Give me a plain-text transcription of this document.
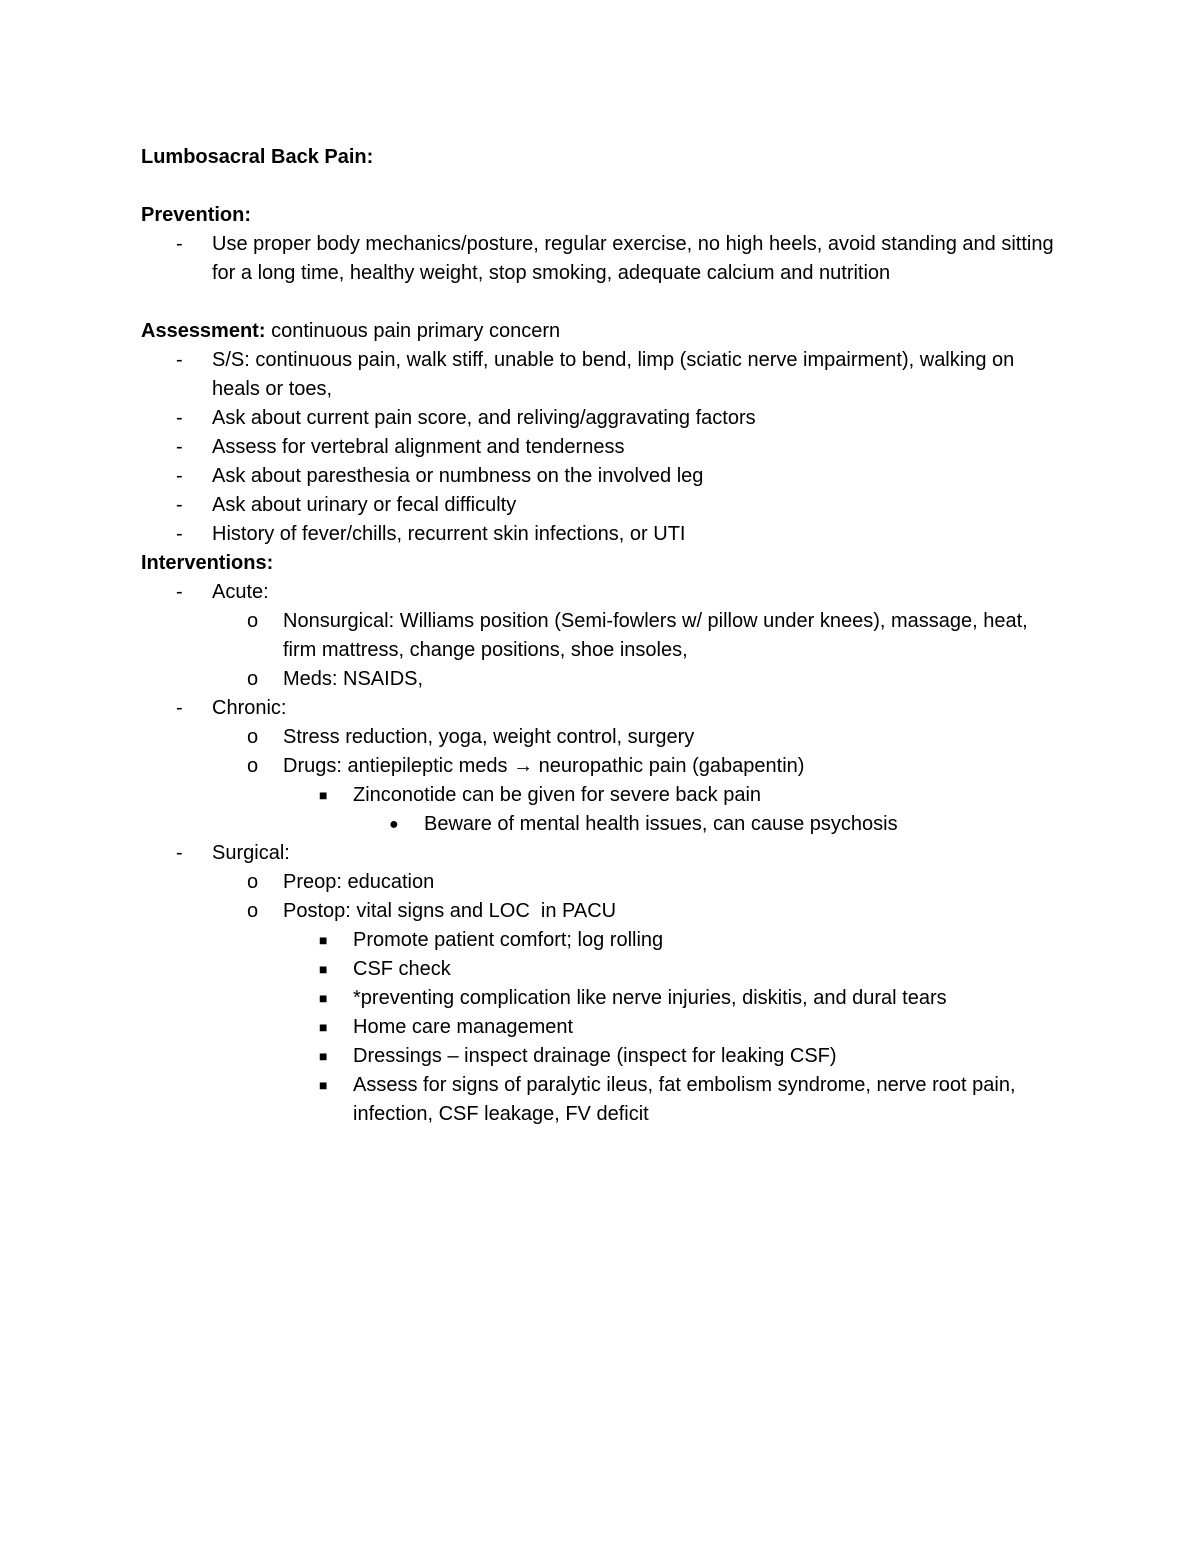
Lumbosacral Back Pain:
Prevention:
- Use proper body mechanics/posture, regular exercise, no high heels, avoid standing and sitting for a long time, healthy weight, stop smoking, adequate calcium and nutrition
Assessment: continuous pain primary concern
- S/S: continuous pain, walk stiff, unable to bend, limp (sciatic nerve impairment), walking on heals or toes,
- Ask about current pain score, and reliving/aggravating factors
- Assess for vertebral alignment and tenderness
- Ask about paresthesia or numbness on the involved leg
- Ask about urinary or fecal difficulty
- History of fever/chills, recurrent skin infections, or UTI
Interventions:
- Acute:
o Nonsurgical: Williams position (Semi-fowlers w/ pillow under knees), massage, heat, firm mattress, change positions, shoe insoles,
o Meds: NSAIDS,
- Chronic:
o Stress reduction, yoga, weight control, surgery
o Drugs: antiepileptic meds → neuropathic pain (gabapentin)
■ Zinconotide can be given for severe back pain
● Beware of mental health issues, can cause psychosis
- Surgical:
o Preop: education
o Postop: vital signs and LOC  in PACU
■ Promote patient comfort; log rolling
■ CSF check
■ *preventing complication like nerve injuries, diskitis, and dural tears
■ Home care management
■ Dressings – inspect drainage (inspect for leaking CSF)
■ Assess for signs of paralytic ileus, fat embolism syndrome, nerve root pain, infection, CSF leakage, FV deficit
